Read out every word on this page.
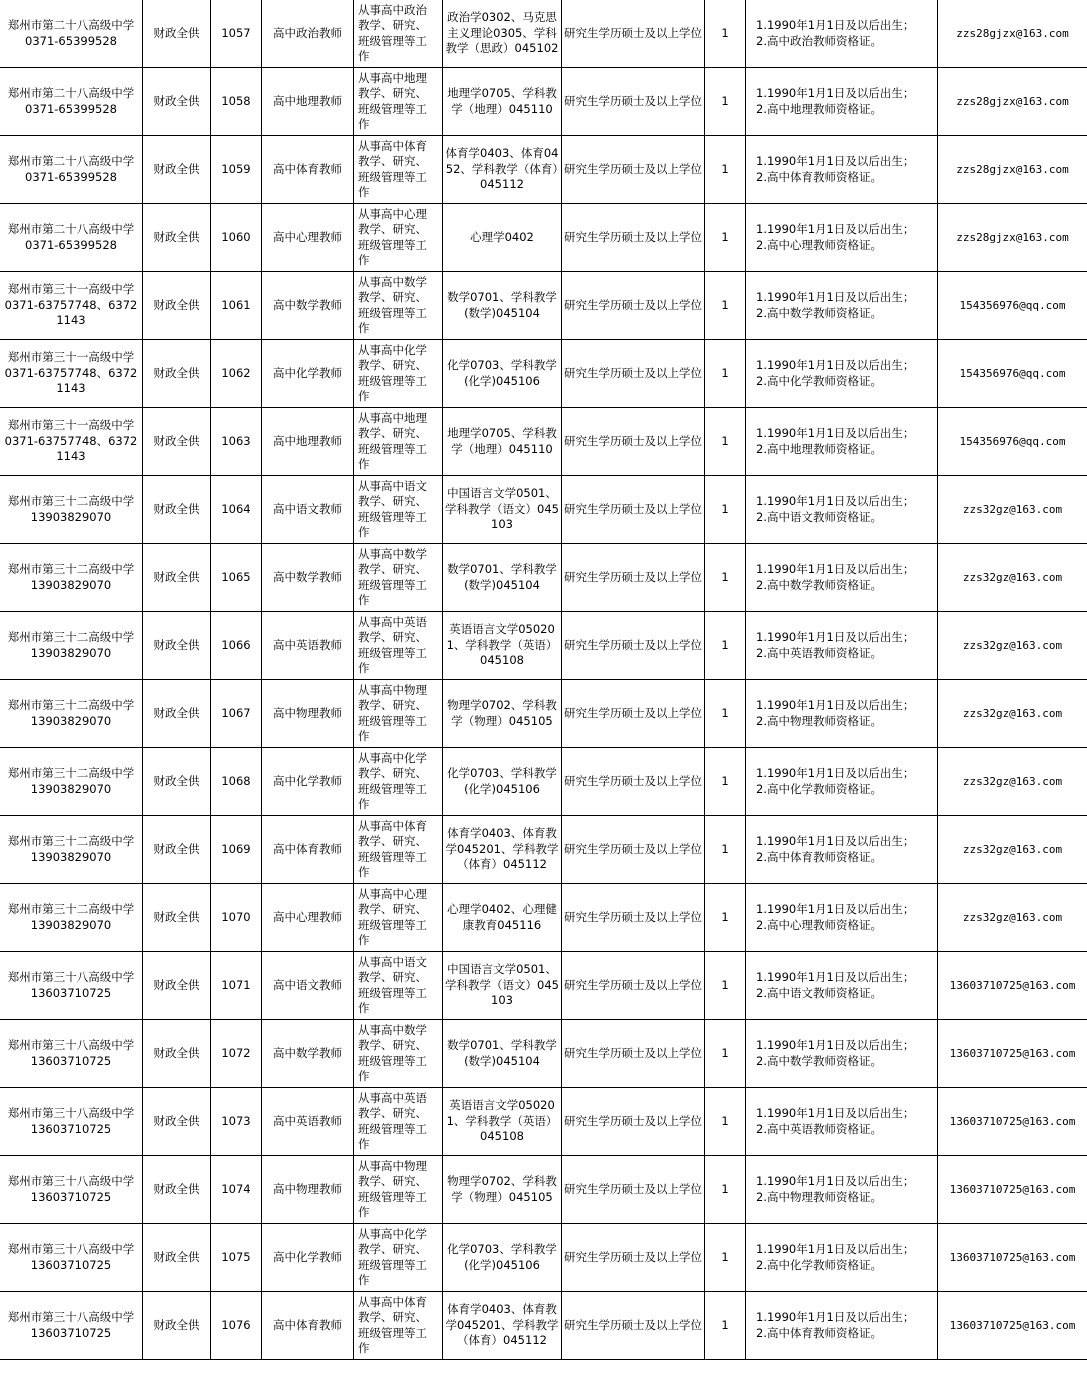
郑州市第二十八高级中学
0371-65399528	财政全供	1057	高中政治教师	从事高中政治教学、研究、班级管理等工作	政治学0302、马克思主义理论0305、学科教学（思政）045102	研究生学历硕士及以上学位	1	1.1990年1月1日及以后出生；
2.高中政治教师资格证。	zzs28gjzx@163.com

郑州市第二十八高级中学
0371-65399528	财政全供	1058	高中地理教师	从事高中地理教学、研究、班级管理等工作	地理学0705、学科教学（地理）045110	研究生学历硕士及以上学位	1	1.1990年1月1日及以后出生；
2.高中地理教师资格证。	zzs28gjzx@163.com

郑州市第二十八高级中学
0371-65399528	财政全供	1059	高中体育教师	从事高中体育教学、研究、班级管理等工作	体育学0403、体育0452、学科教学（体育）045112	研究生学历硕士及以上学位	1	1.1990年1月1日及以后出生；
2.高中体育教师资格证。	zzs28gjzx@163.com

郑州市第二十八高级中学
0371-65399528	财政全供	1060	高中心理教师	从事高中心理教学、研究、班级管理等工作	心理学0402	研究生学历硕士及以上学位	1	1.1990年1月1日及以后出生；
2.高中心理教师资格证。	zzs28gjzx@163.com

郑州市第三十一高级中学
0371-63757748、63721143	财政全供	1061	高中数学教师	从事高中数学教学、研究、班级管理等工作	数学0701、学科教学(数学)045104	研究生学历硕士及以上学位	1	1.1990年1月1日及以后出生；
2.高中数学教师资格证。	154356976@qq.com

郑州市第三十一高级中学
0371-63757748、63721143	财政全供	1062	高中化学教师	从事高中化学教学、研究、班级管理等工作	化学0703、学科教学(化学)045106	研究生学历硕士及以上学位	1	1.1990年1月1日及以后出生；
2.高中化学教师资格证。	154356976@qq.com

郑州市第三十一高级中学
0371-63757748、63721143	财政全供	1063	高中地理教师	从事高中地理教学、研究、班级管理等工作	地理学0705、学科教学（地理）045110	研究生学历硕士及以上学位	1	1.1990年1月1日及以后出生；
2.高中地理教师资格证。	154356976@qq.com

郑州市第三十二高级中学
13903829070	财政全供	1064	高中语文教师	从事高中语文教学、研究、班级管理等工作	中国语言文学0501、学科教学（语文）045103	研究生学历硕士及以上学位	1	1.1990年1月1日及以后出生；
2.高中语文教师资格证。	zzs32gz@163.com

郑州市第三十二高级中学
13903829070	财政全供	1065	高中数学教师	从事高中数学教学、研究、班级管理等工作	数学0701、学科教学(数学)045104	研究生学历硕士及以上学位	1	1.1990年1月1日及以后出生；
2.高中数学教师资格证。	zzs32gz@163.com

郑州市第三十二高级中学
13903829070	财政全供	1066	高中英语教师	从事高中英语教学、研究、班级管理等工作	英语语言文学050201、学科教学（英语）045108	研究生学历硕士及以上学位	1	1.1990年1月1日及以后出生；
2.高中英语教师资格证。	zzs32gz@163.com

郑州市第三十二高级中学
13903829070	财政全供	1067	高中物理教师	从事高中物理教学、研究、班级管理等工作	物理学0702、学科教学（物理）045105	研究生学历硕士及以上学位	1	1.1990年1月1日及以后出生；
2.高中物理教师资格证。	zzs32gz@163.com

郑州市第三十二高级中学
13903829070	财政全供	1068	高中化学教师	从事高中化学教学、研究、班级管理等工作	化学0703、学科教学(化学)045106	研究生学历硕士及以上学位	1	1.1990年1月1日及以后出生；
2.高中化学教师资格证。	zzs32gz@163.com

郑州市第三十二高级中学
13903829070	财政全供	1069	高中体育教师	从事高中体育教学、研究、班级管理等工作	体育学0403、体育教学045201、学科教学（体育）045112	研究生学历硕士及以上学位	1	1.1990年1月1日及以后出生；
2.高中体育教师资格证。	zzs32gz@163.com

郑州市第三十二高级中学
13903829070	财政全供	1070	高中心理教师	从事高中心理教学、研究、班级管理等工作	心理学0402、心理健康教育045116	研究生学历硕士及以上学位	1	1.1990年1月1日及以后出生；
2.高中心理教师资格证。	zzs32gz@163.com

郑州市第三十八高级中学
13603710725	财政全供	1071	高中语文教师	从事高中语文教学、研究、班级管理等工作	中国语言文学0501、学科教学（语文）045103	研究生学历硕士及以上学位	1	1.1990年1月1日及以后出生；
2.高中语文教师资格证。	13603710725@163.com

郑州市第三十八高级中学
13603710725	财政全供	1072	高中数学教师	从事高中数学教学、研究、班级管理等工作	数学0701、学科教学(数学)045104	研究生学历硕士及以上学位	1	1.1990年1月1日及以后出生；
2.高中数学教师资格证。	13603710725@163.com

郑州市第三十八高级中学
13603710725	财政全供	1073	高中英语教师	从事高中英语教学、研究、班级管理等工作	英语语言文学050201、学科教学（英语）045108	研究生学历硕士及以上学位	1	1.1990年1月1日及以后出生；
2.高中英语教师资格证。	13603710725@163.com

郑州市第三十八高级中学
13603710725	财政全供	1074	高中物理教师	从事高中物理教学、研究、班级管理等工作	物理学0702、学科教学（物理）045105	研究生学历硕士及以上学位	1	1.1990年1月1日及以后出生；
2.高中物理教师资格证。	13603710725@163.com

郑州市第三十八高级中学
13603710725	财政全供	1075	高中化学教师	从事高中化学教学、研究、班级管理等工作	化学0703、学科教学(化学)045106	研究生学历硕士及以上学位	1	1.1990年1月1日及以后出生；
2.高中化学教师资格证。	13603710725@163.com

郑州市第三十八高级中学
13603710725	财政全供	1076	高中体育教师	从事高中体育教学、研究、班级管理等工作	体育学0403、体育教学045201、学科教学（体育）045112	研究生学历硕士及以上学位	1	1.1990年1月1日及以后出生；
2.高中体育教师资格证。	13603710725@163.com
